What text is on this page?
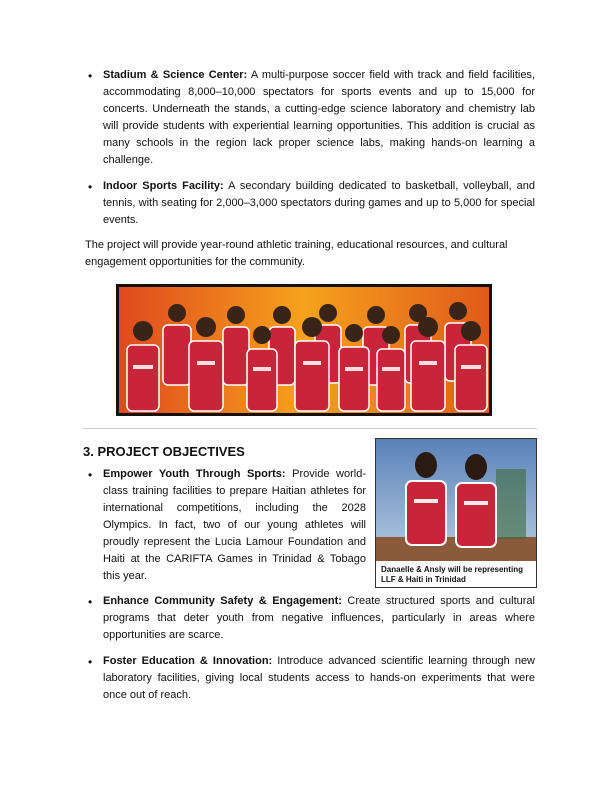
• Stadium & Science Center: A multi-purpose soccer field with track and field facilities, accommodating 8,000–10,000 spectators for sports events and up to 15,000 for concerts. Underneath the stands, a cutting-edge science laboratory and chemistry lab will provide students with experiential learning opportunities. This addition is crucial as many schools in the region lack proper science labs, making hands-on learning a challenge.
• Indoor Sports Facility: A secondary building dedicated to basketball, volleyball, and tennis, with seating for 2,000–3,000 spectators during games and up to 5,000 for special events.
The project will provide year-round athletic training, educational resources, and cultural engagement opportunities for the community.
3. PROJECT OBJECTIVES
Danaelle & Ansly will be representing LLF & Haiti in Trinidad
• Empower Youth Through Sports: Provide world-class training facilities to prepare Haitian athletes for international competitions, including the 2028 Olympics. In fact, two of our young athletes will proudly represent the Lucia Lamour Foundation and Haiti at the CARIFTA Games in Trinidad & Tobago this year.
• Enhance Community Safety & Engagement: Create structured sports and cultural programs that deter youth from negative influences, particularly in areas where opportunities are scarce.
• Foster Education & Innovation: Introduce advanced scientific learning through new laboratory facilities, giving local students access to hands-on experiments that were once out of reach.
